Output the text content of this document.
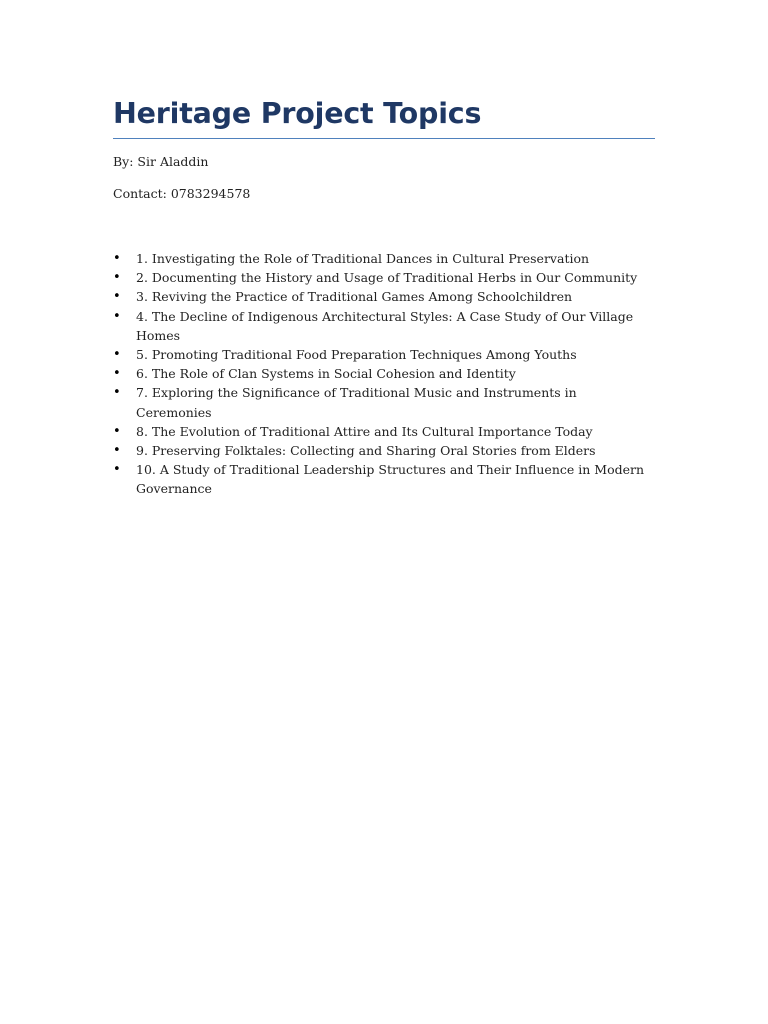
Heritage Project Topics

By: Sir Aladdin

Contact: 0783294578

• 1. Investigating the Role of Traditional Dances in Cultural Preservation
• 2. Documenting the History and Usage of Traditional Herbs in Our Community
• 3. Reviving the Practice of Traditional Games Among Schoolchildren
• 4. The Decline of Indigenous Architectural Styles: A Case Study of Our Village Homes
• 5. Promoting Traditional Food Preparation Techniques Among Youths
• 6. The Role of Clan Systems in Social Cohesion and Identity
• 7. Exploring the Significance of Traditional Music and Instruments in Ceremonies
• 8. The Evolution of Traditional Attire and Its Cultural Importance Today
• 9. Preserving Folktales: Collecting and Sharing Oral Stories from Elders
• 10. A Study of Traditional Leadership Structures and Their Influence in Modern Governance
